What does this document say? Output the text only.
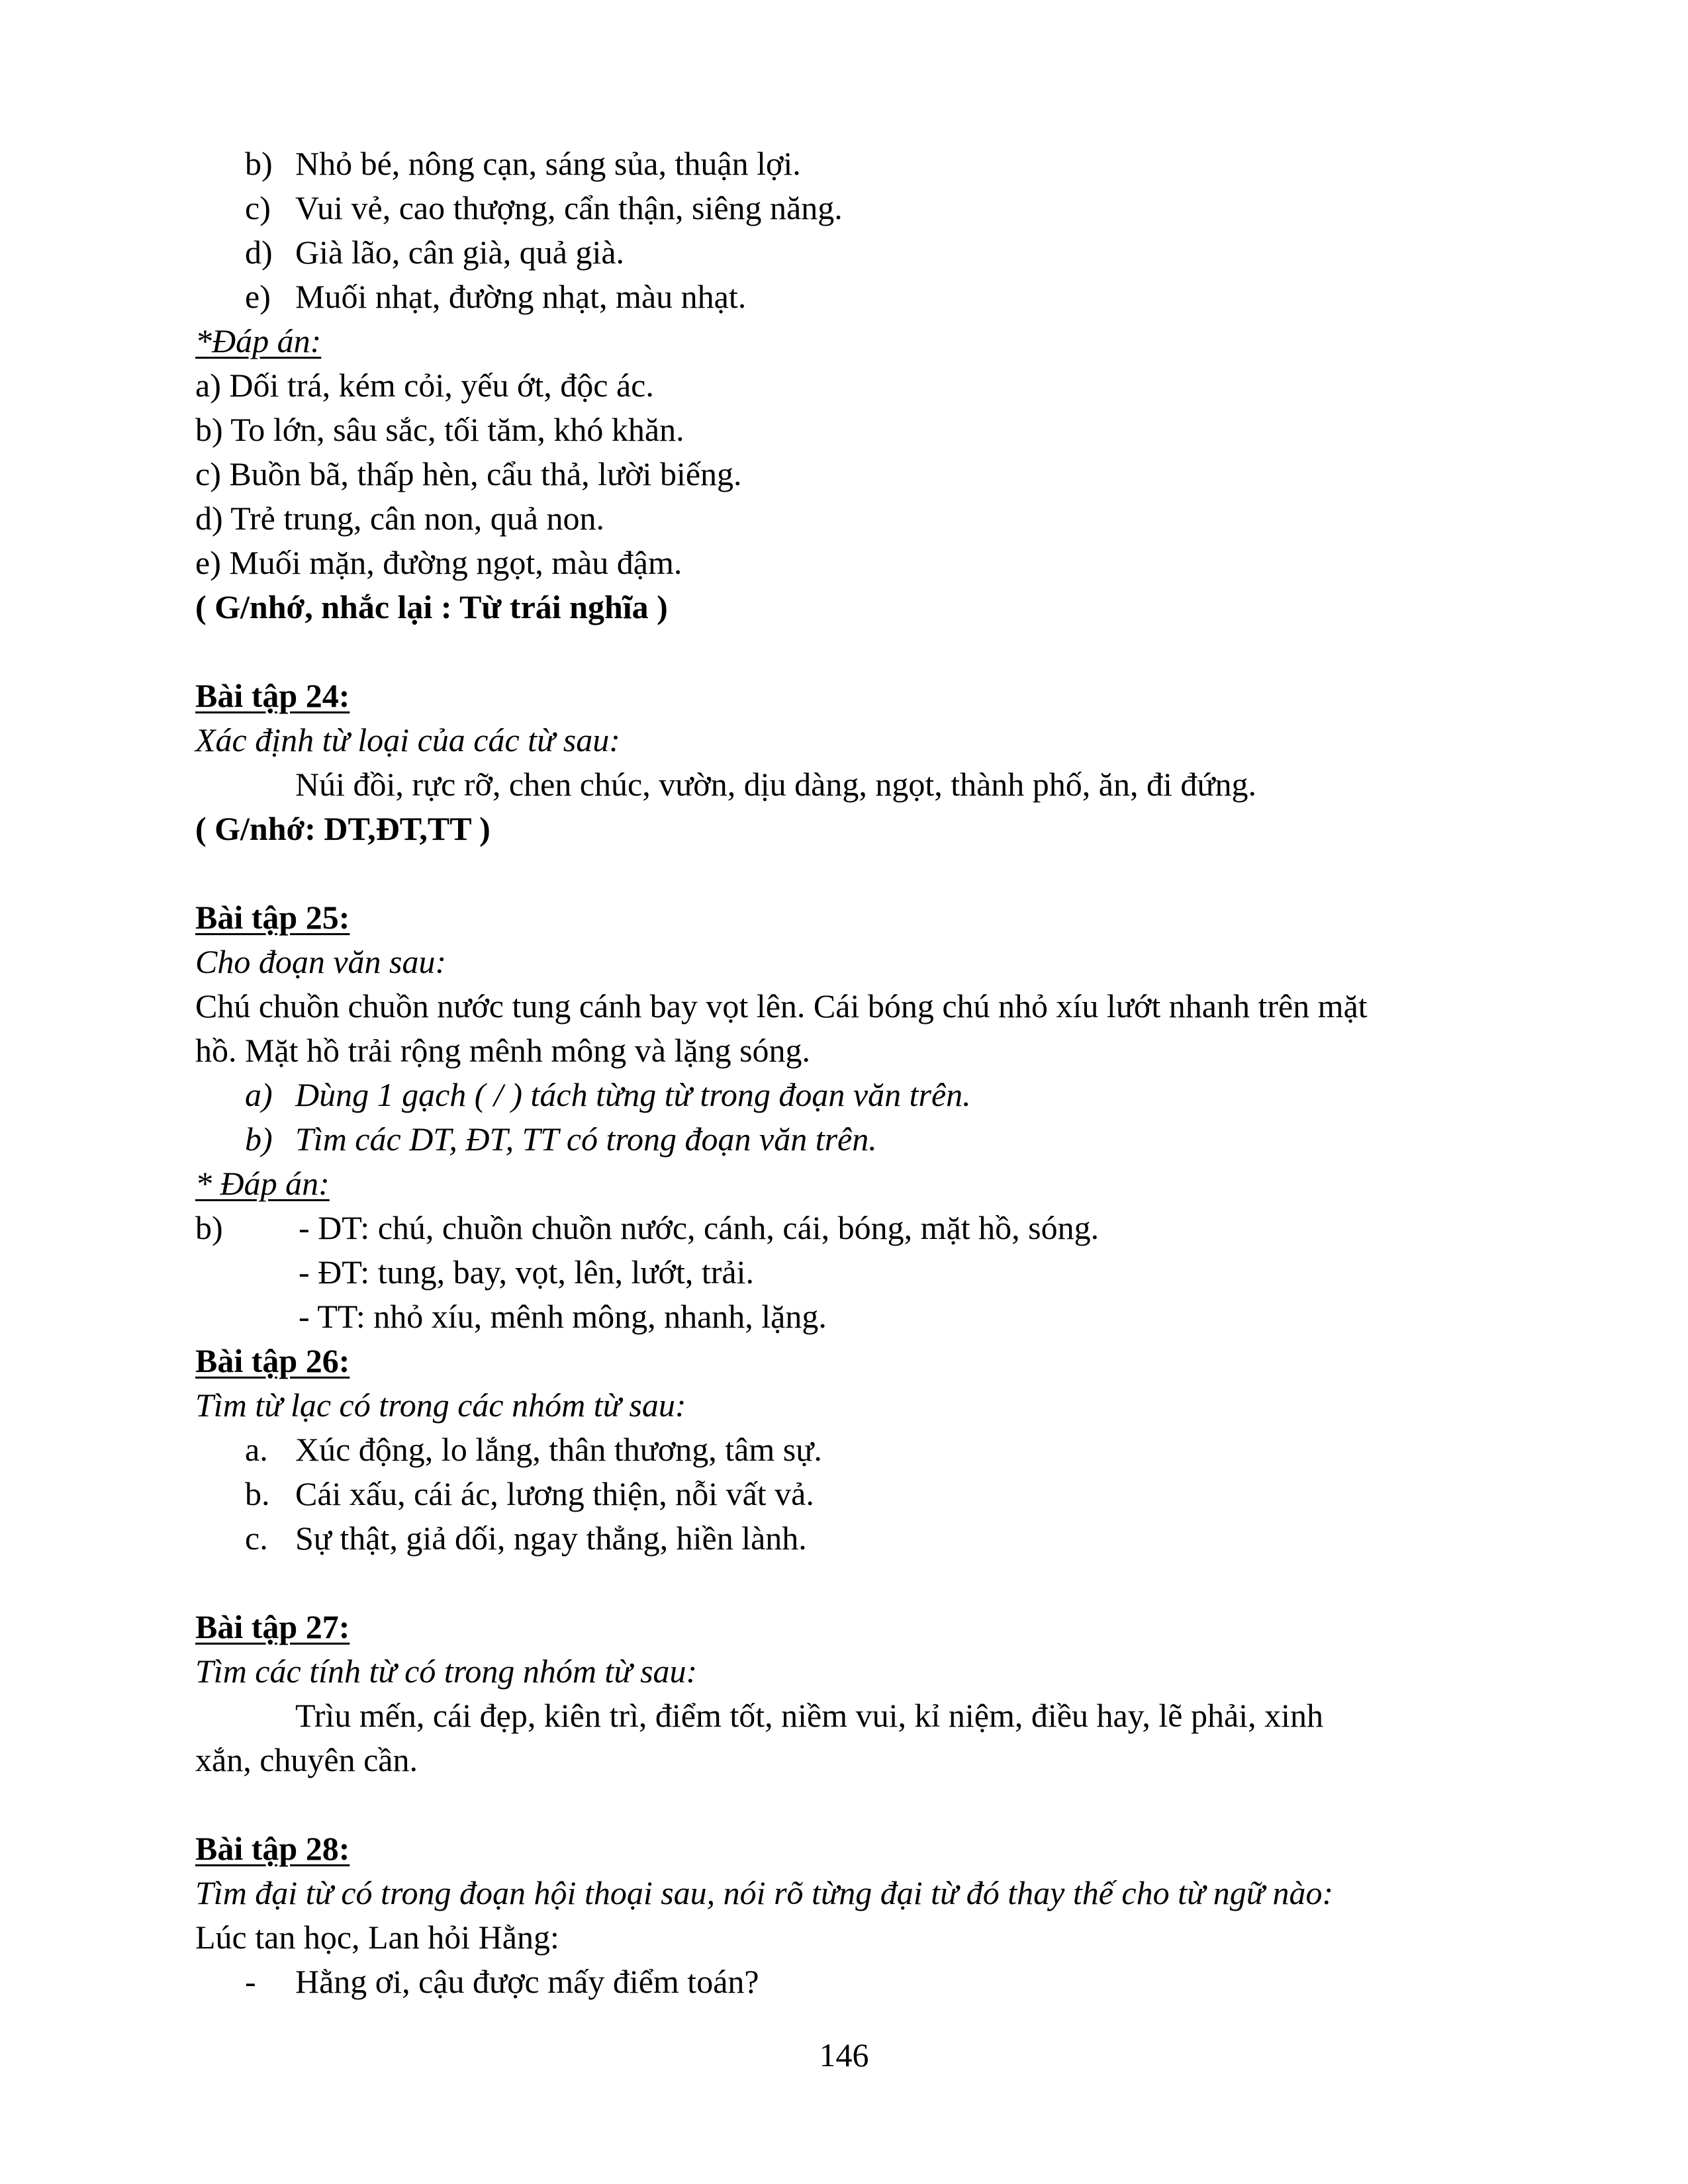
b) Nhỏ bé, nông cạn, sáng sủa, thuận lợi.
c) Vui vẻ, cao thượng, cẩn thận, siêng năng.
d) Già lão, cân già, quả già.
e) Muối nhạt, đường nhạt, màu nhạt.
*Đáp án:
a) Dối trá, kém cỏi, yếu ớt, độc ác.
b) To lớn, sâu sắc, tối tăm, khó khăn.
c) Buồn bã, thấp hèn, cẩu thả, lười biếng.
d) Trẻ trung, cân non, quả non.
e) Muối mặn, đường ngọt, màu đậm.
( G/nhớ, nhắc lại : Từ trái nghĩa )
Bài tập 24:
Xác định từ loại của các từ sau:
Núi đồi, rực rỡ, chen chúc, vườn, dịu dàng, ngọt, thành phố, ăn, đi đứng.
( G/nhớ: DT,ĐT,TT )
Bài tập 25:
Cho đoạn văn sau:
Chú chuồn chuồn nước tung cánh bay vọt lên. Cái bóng chú nhỏ xíu lướt nhanh trên mặt
hồ. Mặt hồ trải rộng mênh mông và lặng sóng.
a) Dùng 1 gạch ( / ) tách từng từ trong đoạn văn trên.
b) Tìm các DT, ĐT, TT có trong đoạn văn trên.
* Đáp án:
b) - DT: chú, chuồn chuồn nước, cánh, cái, bóng, mặt hồ, sóng.
- ĐT: tung, bay, vọt, lên, lướt, trải.
- TT: nhỏ xíu, mênh mông, nhanh, lặng.
Bài tập 26:
Tìm từ lạc có trong các nhóm từ sau:
a. Xúc động, lo lắng, thân thương, tâm sự.
b. Cái xấu, cái ác, lương thiện, nỗi vất vả.
c. Sự thật, giả dối, ngay thẳng, hiền lành.
Bài tập 27:
Tìm các tính từ có trong nhóm từ sau:
Trìu mến, cái đẹp, kiên trì, điểm tốt, niềm vui, kỉ niệm, điều hay, lẽ phải, xinh
xắn, chuyên cần.
Bài tập 28:
Tìm đại từ có trong đoạn hội thoại sau, nói rõ từng đại từ đó thay thế cho từ ngữ nào:
Lúc tan học, Lan hỏi Hằng:
- Hằng ơi, cậu được mấy điểm toán?
146
